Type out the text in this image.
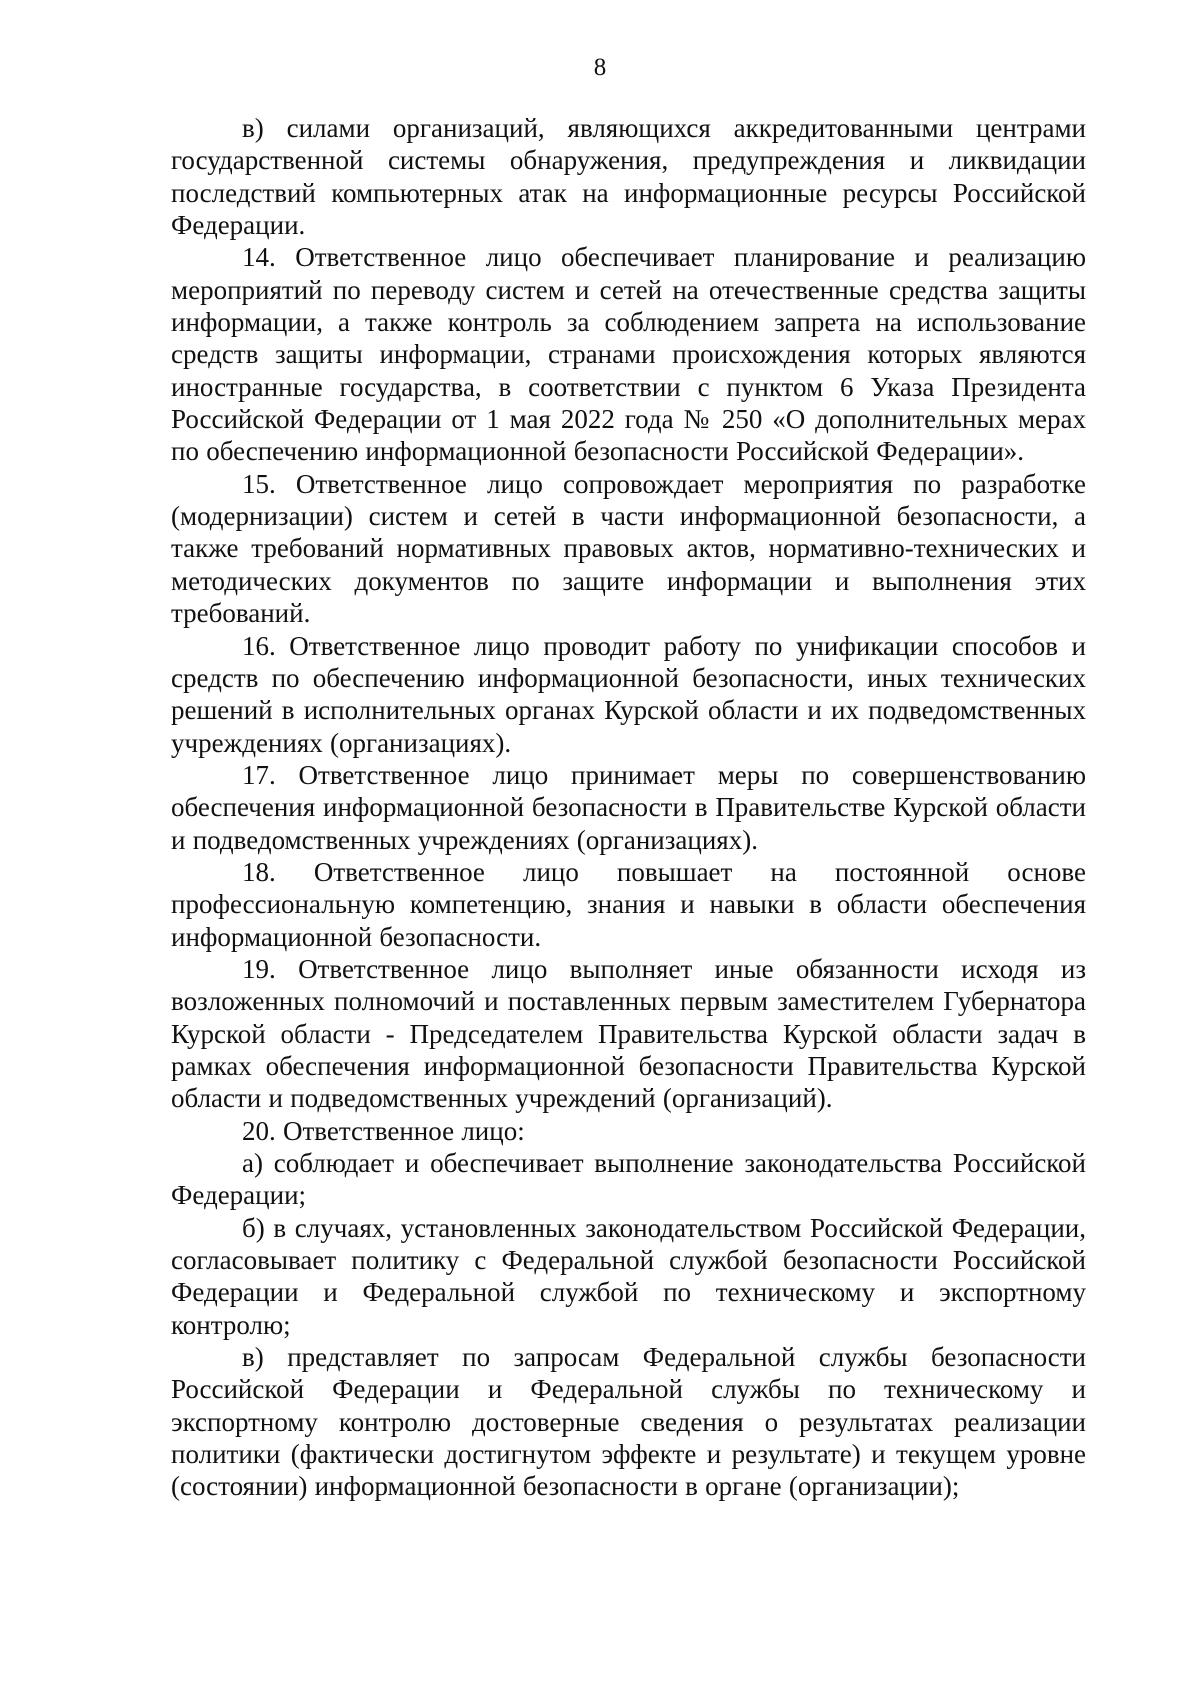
8

в) силами организаций, являющихся аккредитованными центрами государственной системы обнаружения, предупреждения и ликвидации последствий компьютерных атак на информационные ресурсы Российской Федерации.

14. Ответственное лицо обеспечивает планирование и реализацию мероприятий по переводу систем и сетей на отечественные средства защиты информации, а также контроль за соблюдением запрета на использование средств защиты информации, странами происхождения которых являются иностранные государства, в соответствии с пунктом 6 Указа Президента Российской Федерации от 1 мая 2022 года № 250 «О дополнительных мерах по обеспечению информационной безопасности Российской Федерации».

15. Ответственное лицо сопровождает мероприятия по разработке (модернизации) систем и сетей в части информационной безопасности, а также требований нормативных правовых актов, нормативно-технических и методических документов по защите информации и выполнения этих требований.

16. Ответственное лицо проводит работу по унификации способов и средств по обеспечению информационной безопасности, иных технических решений в исполнительных органах Курской области и их подведомственных учреждениях (организациях).

17. Ответственное лицо принимает меры по совершенствованию обеспечения информационной безопасности в Правительстве Курской области и подведомственных учреждениях (организациях).

18. Ответственное лицо повышает на постоянной основе профессиональную компетенцию, знания и навыки в области обеспечения информационной безопасности.

19. Ответственное лицо выполняет иные обязанности исходя из возложенных полномочий и поставленных первым заместителем Губернатора Курской области - Председателем Правительства Курской области задач в рамках обеспечения информационной безопасности Правительства Курской области и подведомственных учреждений (организаций).

20. Ответственное лицо:

а) соблюдает и обеспечивает выполнение законодательства Российской Федерации;

б) в случаях, установленных законодательством Российской Федерации, согласовывает политику с Федеральной службой безопасности Российской Федерации и Федеральной службой по техническому и экспортному контролю;

в) представляет по запросам Федеральной службы безопасности Российской Федерации и Федеральной службы по техническому и экспортному контролю достоверные сведения о результатах реализации политики (фактически достигнутом эффекте и результате) и текущем уровне (состоянии) информационной безопасности в органе (организации);
